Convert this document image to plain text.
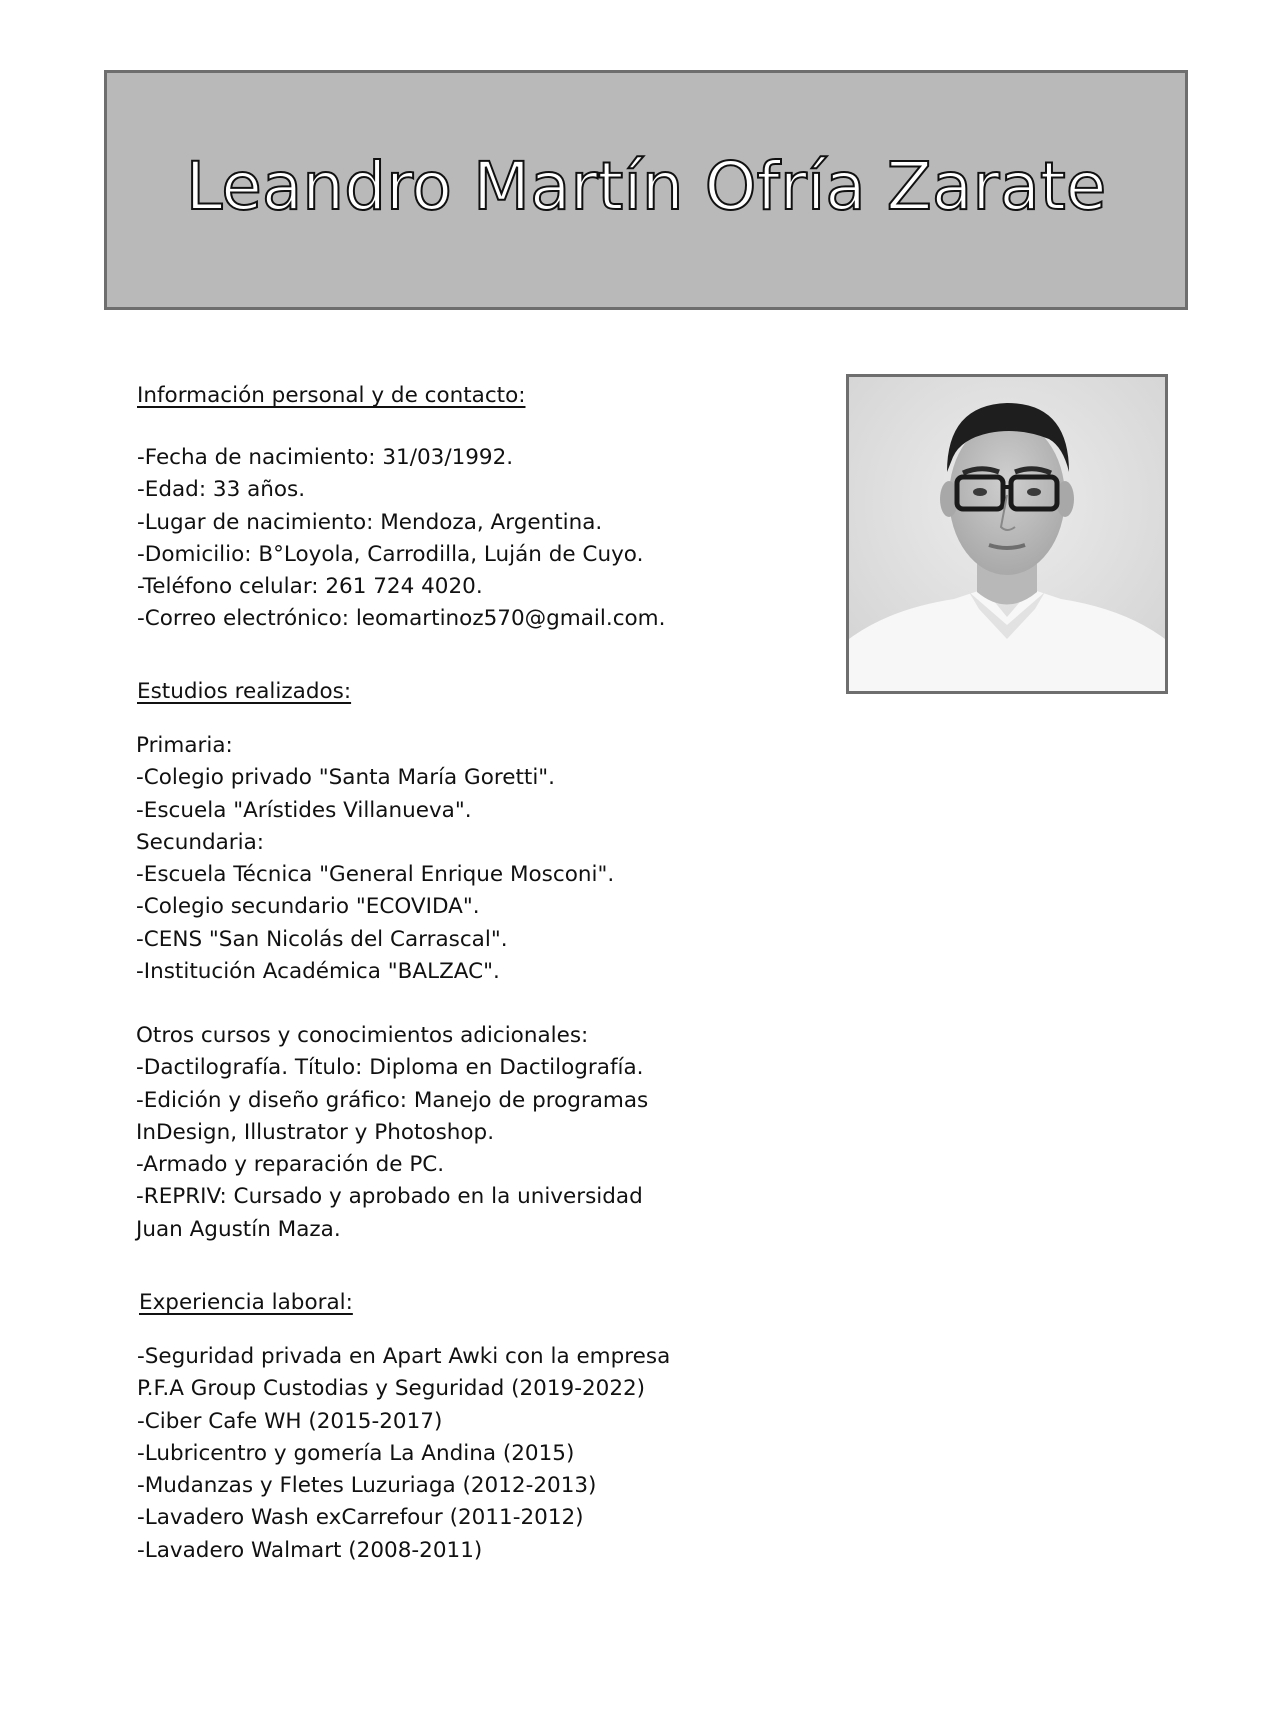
Leandro Martín Ofría Zarate
Información personal y de contacto:
-Fecha de nacimiento: 31/03/1992.
-Edad: 33 años.
-Lugar de nacimiento: Mendoza, Argentina.
-Domicilio: B°Loyola, Carrodilla, Luján de Cuyo.
-Teléfono celular: 261 724 4020.
-Correo electrónico: leomartinoz570@gmail.com.
Estudios realizados:
Primaria:
-Colegio privado "Santa María Goretti".
-Escuela "Arístides Villanueva".
Secundaria:
-Escuela Técnica "General Enrique Mosconi".
-Colegio secundario "ECOVIDA".
-CENS "San Nicolás del Carrascal".
-Institución Académica "BALZAC".
Otros cursos y conocimientos adicionales:
-Dactilografía. Título: Diploma en Dactilografía.
-Edición y diseño gráfico: Manejo de programas
InDesign, Illustrator y Photoshop.
-Armado y reparación de PC.
-REPRIV: Cursado y aprobado en la universidad
Juan Agustín Maza.
Experiencia laboral:
-Seguridad privada en Apart Awki con la empresa
P.F.A Group Custodias y Seguridad (2019-2022)
-Ciber Cafe WH (2015-2017)
-Lubricentro y gomería La Andina (2015)
-Mudanzas y Fletes Luzuriaga (2012-2013)
-Lavadero Wash exCarrefour (2011-2012)
-Lavadero Walmart (2008-2011)
